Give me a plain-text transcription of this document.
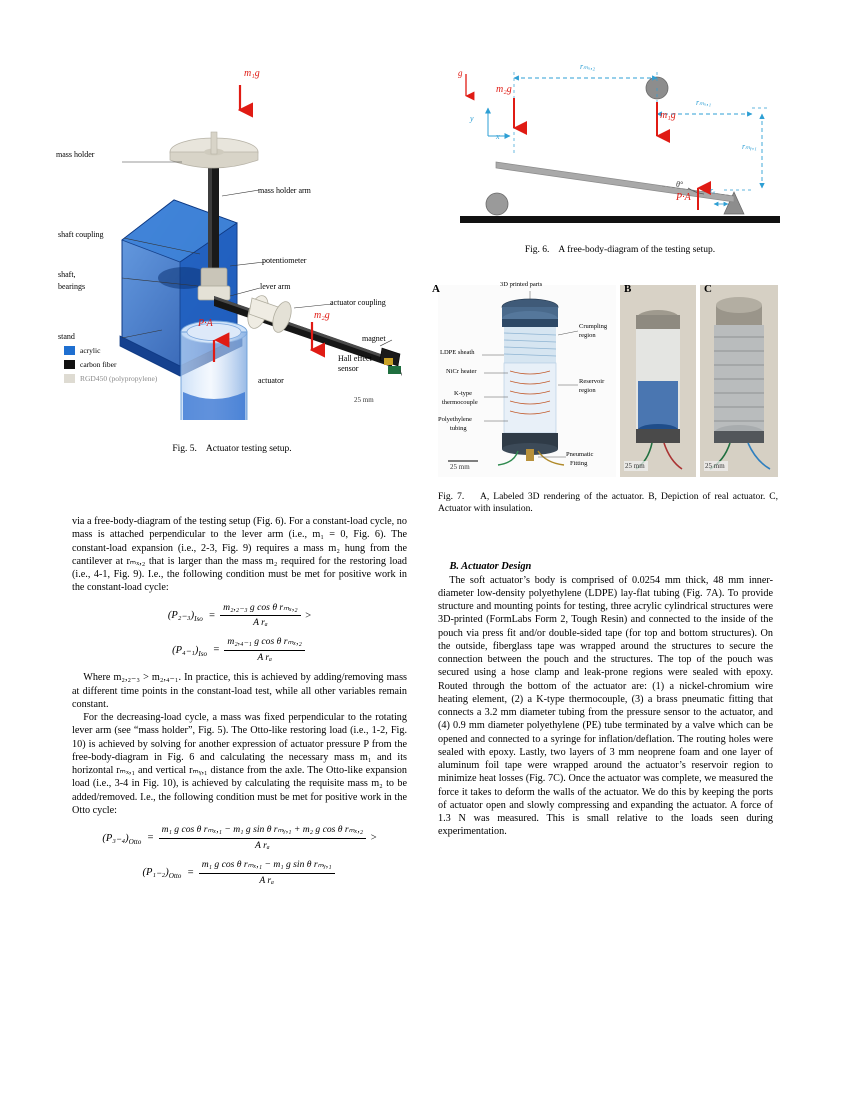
mass holder
mass holder arm
shaft coupling
potentiometer
shaft,
bearings	lever arm
actuator coupling
stand	magnet
Hall effect
sensor
actuator
m₁g
m₂g
P·A
acrylic
carbon fiber
RGD450 (polypropylene)
25 mm
Fig. 5. Actuator testing setup.
rₘₓ,₂
rₘₓ,₁
rₘᵧ,₁
rₐ
y
x
θ°
g
m₂g
m₁g
P·A
Fig. 6. A free-body-diagram of the testing setup.
A	B	C
3D printed parts
Crumpling
region
LDPE sheath
NiCr heater
Reservoir
region
K-type
thermocouple
Polyethylene
tubing
Pneumatic
Fitting
25 mm	25 mm	25 mm
Fig. 7. A, Labeled 3D rendering of the actuator. B, Depiction of real actuator. C, Actuator with insulation.

via a free-body-diagram of the testing setup (Fig. 6). For a constant-load cycle, no mass is attached perpendicular to the lever arm (i.e., m₁ = 0, Fig. 6). The constant-load expansion (i.e., 2-3, Fig. 9) requires a mass m₂ hung from the cantilever at rₘₓ,₂ that is larger than the mass m₂ required for the restoring load (i.e., 4-1, Fig. 9). I.e., the following condition must be met for positive work in the constant-load cycle:

$(P_{2-3})_{Iso} = \frac{\text{m₂,₂₋₃ g cos θ rₘₓ,₂}}{\text{A rₐ}}$ >
$(P_{4-1})_{Iso} = \frac{\text{m₂,₄₋₁ g cos θ rₘₓ,₂}}{\text{A rₐ}}$

Where m₂,₂₋₃ > m₂,₄₋₁. In practice, this is achieved by adding/removing mass at different time points in the constant-load test, while all other variables remain constant.

For the decreasing-load cycle, a mass was fixed perpendicular to the rotating lever arm (see “mass holder”, Fig. 5). The Otto-like restoring load (i.e., 1-2, Fig. 10) is achieved by solving for another expression of actuator pressure P from the free-body-diagram in Fig. 6 and calculating the necessary mass m₁ and its horizontal rₘₓ,₁ and vertical rₘᵧ,₁ distance from the axle. The Otto-like expansion load (i.e., 3-4 in Fig. 10), is achieved by calculating the requisite mass m₂ to be added/removed. I.e., the following condition must be met for positive work in the Otto cycle:

$(P_{3-4})_{Otto} = \frac{\text{m₁ g cos θ rₘₓ,₁ − m₁ g sin θ rₘᵧ,₁ + m₂ g cos θ rₘₓ,₂}}{\text{A rₐ}}$ >
$(P_{1-2})_{Otto} = \frac{\text{m₁ g cos θ rₘₓ,₁ − m₁ g sin θ rₘᵧ,₁}}{\text{A rₐ}}$

B. Actuator Design

The soft actuator’s body is comprised of 0.0254 mm thick, 48 mm inner-diameter low-density polyethylene (LDPE) lay-flat tubing (Fig. 7A). To provide structure and mounting points for testing, three acrylic cylindrical structures were 3D-printed (FormLabs Form 2, Tough Resin) and connected to the inside of the pouch via press fit and/or double-sided tape (for top and bottom structures). On the outside, fiberglass tape was wrapped around the structures to secure the connection between the pouch and the structures. The top of the pouch was secured using a hose clamp and leak-prone regions were sealed with epoxy. Routed through the bottom of the actuator are: (1) a nickel-chromium wire heating element, (2) a K-type thermocouple, (3) a brass pneumatic fitting that connects a 3.2 mm diameter tubing from the pressure sensor to the actuator, and (4) 0.9 mm diameter polyethylene (PE) tube terminated by a valve which can be opened and connected to a syringe for inflation/deflation. The routing holes were sealed with epoxy. Lastly, two layers of 3 mm neoprene foam and one layer of aluminum foil tape were wrapped around the actuator’s reservoir region to minimize heat losses (Fig. 7C). Once the actuator was complete, we measured the force it takes to deform the walls of the actuator. We do this by keeping the ports of actuator open and slowly compressing and expanding the actuator. A force of 1.3 N was measured. This is small relative to the loads seen during experimentation.
